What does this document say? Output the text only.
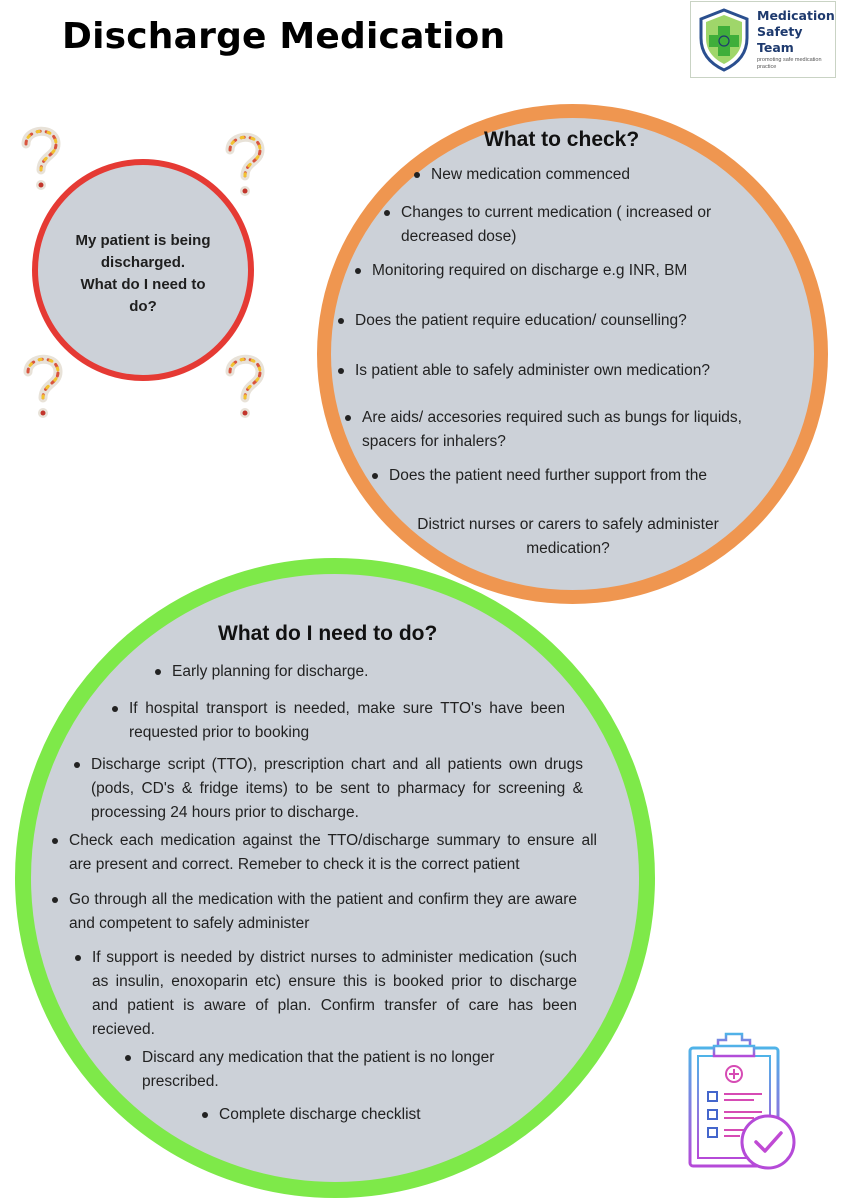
Discharge Medication
Medication
Safety
Team
promoting safe medication practice
My patient is being
discharged.
What do I need to
do?
What to check?
New medication commenced
Changes to current medication ( increased or decreased dose)
Monitoring required on discharge e.g INR, BM
Does the patient require education/ counselling?
Is patient able to safely administer own medication?
Are aids/ accesories required such as bungs for liquids, spacers for inhalers?
Does the patient need further support from the
District nurses or carers to safely administer medication?
What do I need to do?
Early planning for discharge.
If hospital transport is needed, make sure TTO's have been requested prior to booking
Discharge script (TTO), prescription chart and all patients own drugs (pods, CD's & fridge items) to be sent to pharmacy for screening & processing 24 hours prior to discharge.
Check each medication against the TTO/discharge summary to ensure all are present and correct. Remeber to check it is the correct patient
Go through all the medication with the patient and confirm they are aware and competent to safely administer
If support is needed by district nurses to administer medication (such as insulin, enoxoparin etc) ensure this is booked prior to discharge and patient is aware of plan. Confirm transfer of care has been recieved.
Discard any medication that the patient is no longer prescribed.
Complete discharge checklist
